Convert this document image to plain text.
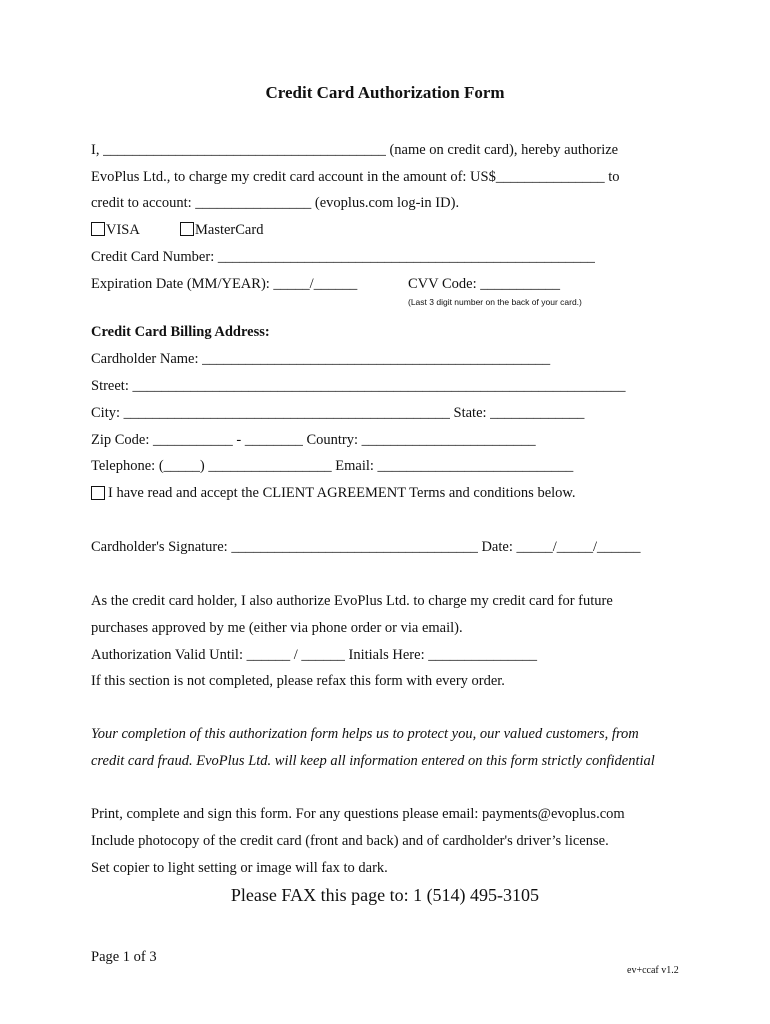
Credit Card Authorization Form
I, _______________________________________ (name on credit card), hereby authorize
EvoPlus Ltd., to charge my credit card account in the amount of: US$_______________ to
credit to account: ________________ (evoplus.com log-in ID).
VISA	MasterCard
Credit Card Number: ____________________________________________________
Expiration Date (MM/YEAR): _____/______	CVV Code: ___________
(Last 3 digit number on the back of your card.)
Credit Card Billing Address:
Cardholder Name: ________________________________________________
Street: ____________________________________________________________________
City: _____________________________________________ State: _____________
Zip Code: ___________ - ________ Country: ________________________
Telephone: (_____) _________________ Email: ___________________________
I have read and accept the CLIENT AGREEMENT Terms and conditions below.
Cardholder's Signature: __________________________________ Date: _____/_____/______
As the credit card holder, I also authorize EvoPlus Ltd. to charge my credit card for future
purchases approved by me (either via phone order or via email).
Authorization Valid Until: ______ / ______ Initials Here: _______________
If this section is not completed, please refax this form with every order.
Your completion of this authorization form helps us to protect you, our valued customers, from
credit card fraud. EvoPlus Ltd. will keep all information entered on this form strictly confidential
Print, complete and sign this form. For any questions please email: payments@evoplus.com
Include photocopy of the credit card (front and back) and of cardholder's driver’s license.
Set copier to light setting or image will fax to dark.
Please FAX this page to: 1 (514) 495-3105
Page 1 of 3
ev+ccaf v1.2
